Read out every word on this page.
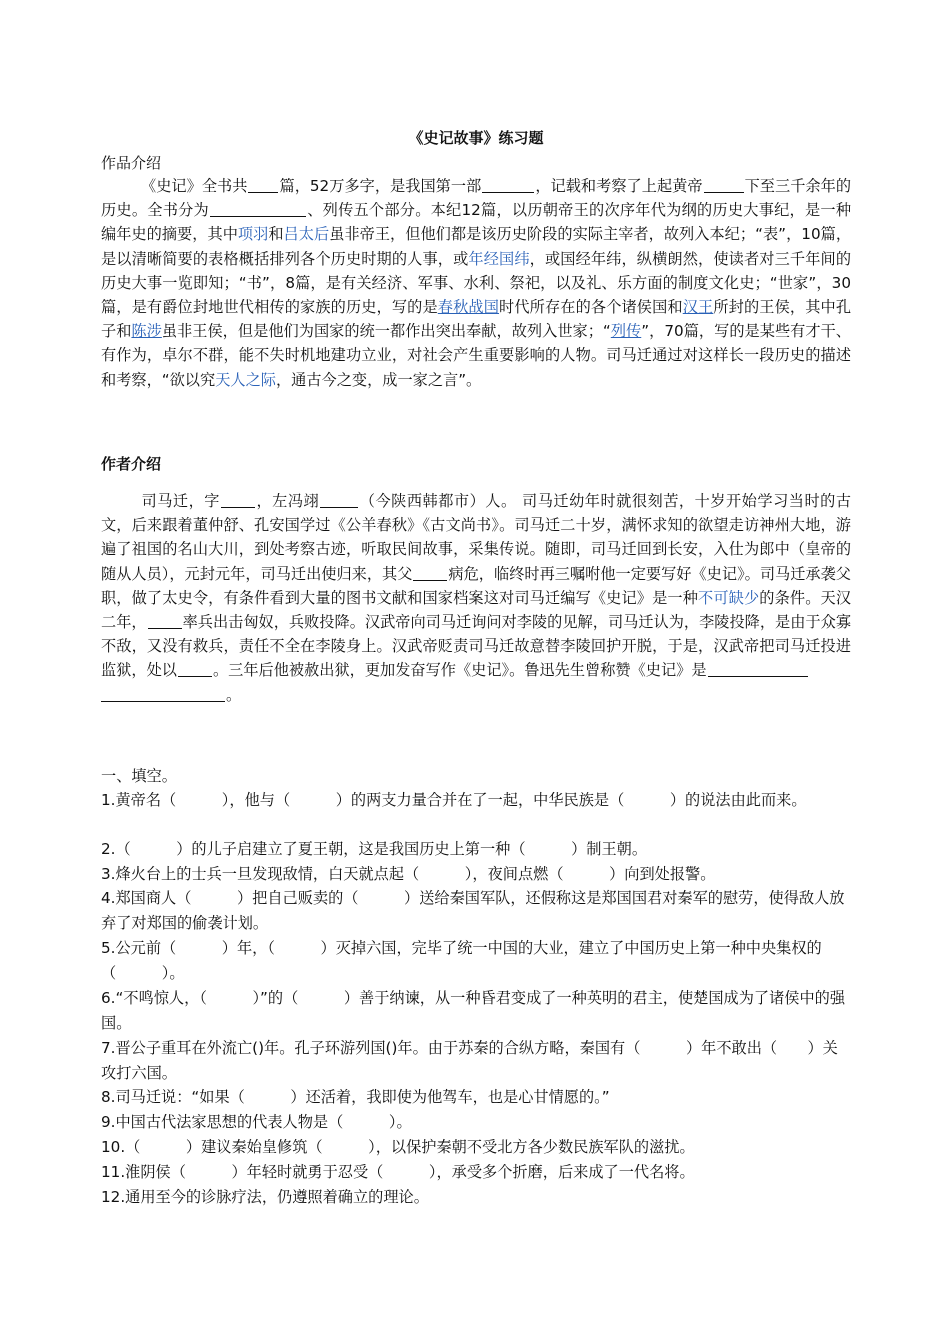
《史记故事》练习题
作品介绍
《史记》全书共 篇，52万多字，是我国第一部	，记载和考察了上起黄帝	下至三千余年的历史。全书分为	、列传五个部分。本纪12篇，以历朝帝王的次序年代为纲的历史大事纪，是一种编年史的摘要，其中项羽和吕太后虽非帝王，但他们都是该历史阶段的实际主宰者，故列入本纪；“表”，10篇，是以清晰简要的表格概括排列各个历史时期的人事，或年经国纬，或国经年纬，纵横朗然，使读者对三千年间的历史大事一览即知；“书”，8篇，是有关经济、军事、水利、祭祀，以及礼、乐方面的制度文化史；“世家”，30篇，是有爵位封地世代相传的家族的历史，写的是春秋战国时代所存在的各个诸侯国和汉王所封的王侯，其中孔子和陈涉虽非王侯，但是他们为国家的统一都作出突出奉献，故列入世家；“列传”，70篇，写的是某些有才干、有作为，卓尔不群，能不失时机地建功立业，对社会产生重要影响的人物。司马迁通过对这样长一段历史的描述和考察，“欲以究天人之际，通古今之变，成一家之言”。
作者介绍
司马迁，字 ，左冯翊	（今陕西韩都市）人。 司马迁幼年时就很刻苦，十岁开始学习当时的古文，后来跟着董仲舒、孔安国学过《公羊春秋》《古文尚书》。司马迁二十岁，满怀求知的欲望走访神州大地，游遍了祖国的名山大川，到处考察古迹，听取民间故事，采集传说。随即，司马迁回到长安，入仕为郎中（皇帝的随从人员），元封元年，司马迁出使归来，其父 病危，临终时再三嘱咐他一定要写好《史记》。司马迁承袭父职，做了太史令，有条件看到大量的图书文献和国家档案这对司马迁编写《史记》是一种不可缺少的条件。天汉二年， 率兵出击匈奴，兵败投降。汉武帝向司马迁询问对李陵的见解，司马迁认为，李陵投降，是由于众寡不敌，又没有救兵，责任不全在李陵身上。汉武帝贬责司马迁故意替李陵回护开脱，于是，汉武帝把司马迁投进监狱，处以 。三年后他被赦出狱，更加发奋写作《史记》。鲁迅先生曾称赞《史记》是
。
一、填空。
1.黄帝名（　　　），他与（　　　）的两支力量合并在了一起，中华民族是（　　　）的说法由此而来。
2.（　　　）的儿子启建立了夏王朝，这是我国历史上第一种（　　　）制王朝。
3.烽火台上的士兵一旦发现敌情，白天就点起（　　　），夜间点燃（　　　）向到处报警。
4.郑国商人（　　　）把自己贩卖的（　　　）送给秦国军队，还假称这是郑国国君对秦军的慰劳，使得敌人放弃了对郑国的偷袭计划。
5.公元前（　　　）年，（　　　）灭掉六国，完毕了统一中国的大业，建立了中国历史上第一种中央集权的（　　　）。
6.“不鸣惊人，（　　　）”的（　　　）善于纳谏，从一种昏君变成了一种英明的君主，使楚国成为了诸侯中的强国。
7.晋公子重耳在外流亡()年。孔子环游列国()年。由于苏秦的合纵方略，秦国有（　　　）年不敢出（　　）关攻打六国。
8.司马迁说：“如果（　　　）还活着，我即使为他驾车，也是心甘情愿的。”
9.中国古代法家思想的代表人物是（　　　）。
10.（　　　）建议秦始皇修筑（　　　），以保护秦朝不受北方各少数民族军队的滋扰。
11.淮阴侯（　　　）年轻时就勇于忍受（　　　），承受多个折磨，后来成了一代名将。
12.通用至今的诊脉疗法，仍遵照着确立的理论。
